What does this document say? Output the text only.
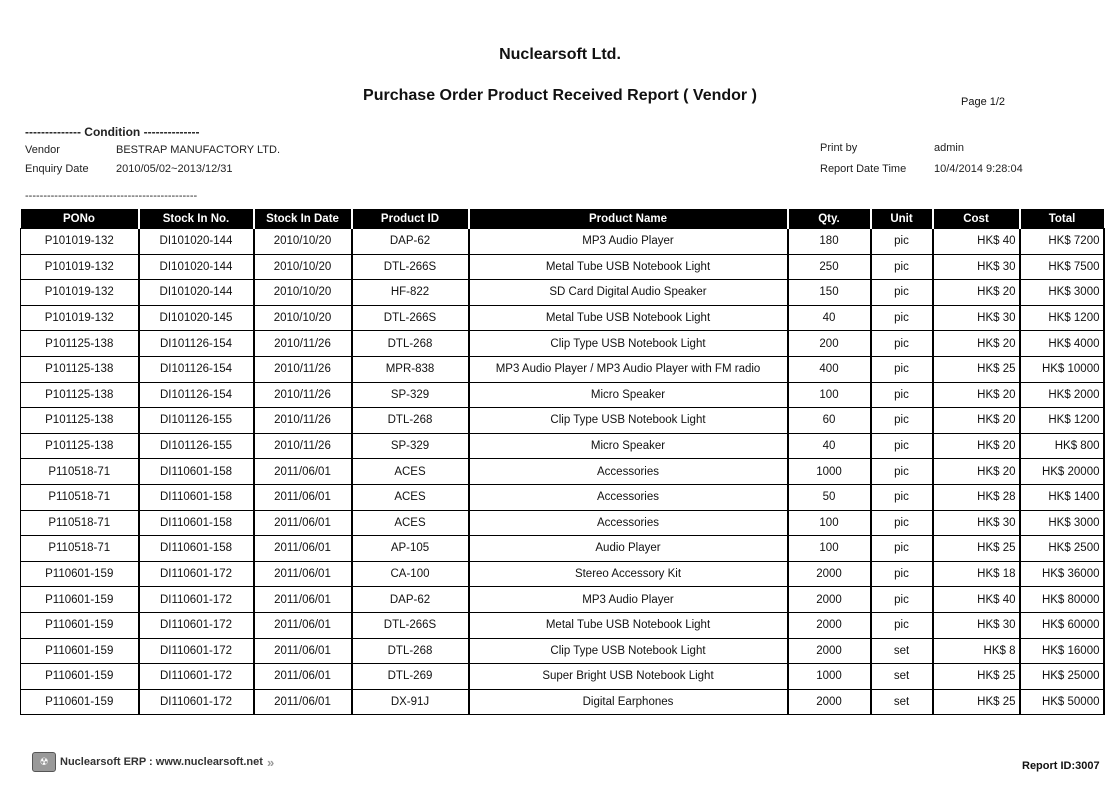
Nuclearsoft Ltd.
Purchase Order Product Received Report ( Vendor )	Page 1/2
-------------- Condition --------------
Vendor	BESTRAP MANUFACTORY LTD.
Enquiry Date 2010/05/02~2013/12/31
-----------------------------------------------
Print by	admin
Report Date Time	10/4/2014 9:28:04
PONo	Stock In No.	Stock In Date	Product ID	Product Name	Qty.	Unit	Cost	Total
P101019-132	DI101020-144	2010/10/20	DAP-62	MP3 Audio Player	180	pic	HK$ 40	HK$ 7200
P101019-132	DI101020-144	2010/10/20	DTL-266S	Metal Tube USB Notebook Light	250	pic	HK$ 30	HK$ 7500
P101019-132	DI101020-144	2010/10/20	HF-822	SD Card Digital Audio Speaker	150	pic	HK$ 20	HK$ 3000
P101019-132	DI101020-145	2010/10/20	DTL-266S	Metal Tube USB Notebook Light	40	pic	HK$ 30	HK$ 1200
P101125-138	DI101126-154	2010/11/26	DTL-268	Clip Type USB Notebook Light	200	pic	HK$ 20	HK$ 4000
P101125-138	DI101126-154	2010/11/26	MPR-838	MP3 Audio Player / MP3 Audio Player with FM radio	400	pic	HK$ 25	HK$ 10000
P101125-138	DI101126-154	2010/11/26	SP-329	Micro Speaker	100	pic	HK$ 20	HK$ 2000
P101125-138	DI101126-155	2010/11/26	DTL-268	Clip Type USB Notebook Light	60	pic	HK$ 20	HK$ 1200
P101125-138	DI101126-155	2010/11/26	SP-329	Micro Speaker	40	pic	HK$ 20	HK$ 800
P110518-71	DI110601-158	2011/06/01	ACES	Accessories	1000	pic	HK$ 20	HK$ 20000
P110518-71	DI110601-158	2011/06/01	ACES	Accessories	50	pic	HK$ 28	HK$ 1400
P110518-71	DI110601-158	2011/06/01	ACES	Accessories	100	pic	HK$ 30	HK$ 3000
P110518-71	DI110601-158	2011/06/01	AP-105	Audio Player	100	pic	HK$ 25	HK$ 2500
P110601-159	DI110601-172	2011/06/01	CA-100	Stereo Accessory Kit	2000	pic	HK$ 18	HK$ 36000
P110601-159	DI110601-172	2011/06/01	DAP-62	MP3 Audio Player	2000	pic	HK$ 40	HK$ 80000
P110601-159	DI110601-172	2011/06/01	DTL-266S	Metal Tube USB Notebook Light	2000	pic	HK$ 30	HK$ 60000
P110601-159	DI110601-172	2011/06/01	DTL-268	Clip Type USB Notebook Light	2000	set	HK$ 8	HK$ 16000
P110601-159	DI110601-172	2011/06/01	DTL-269	Super Bright USB Notebook Light	1000	set	HK$ 25	HK$ 25000
P110601-159	DI110601-172	2011/06/01	DX-91J	Digital Earphones	2000	set	HK$ 25	HK$ 50000
☢	Nuclearsoft ERP : www.nuclearsoft.net »	Report ID:3007
